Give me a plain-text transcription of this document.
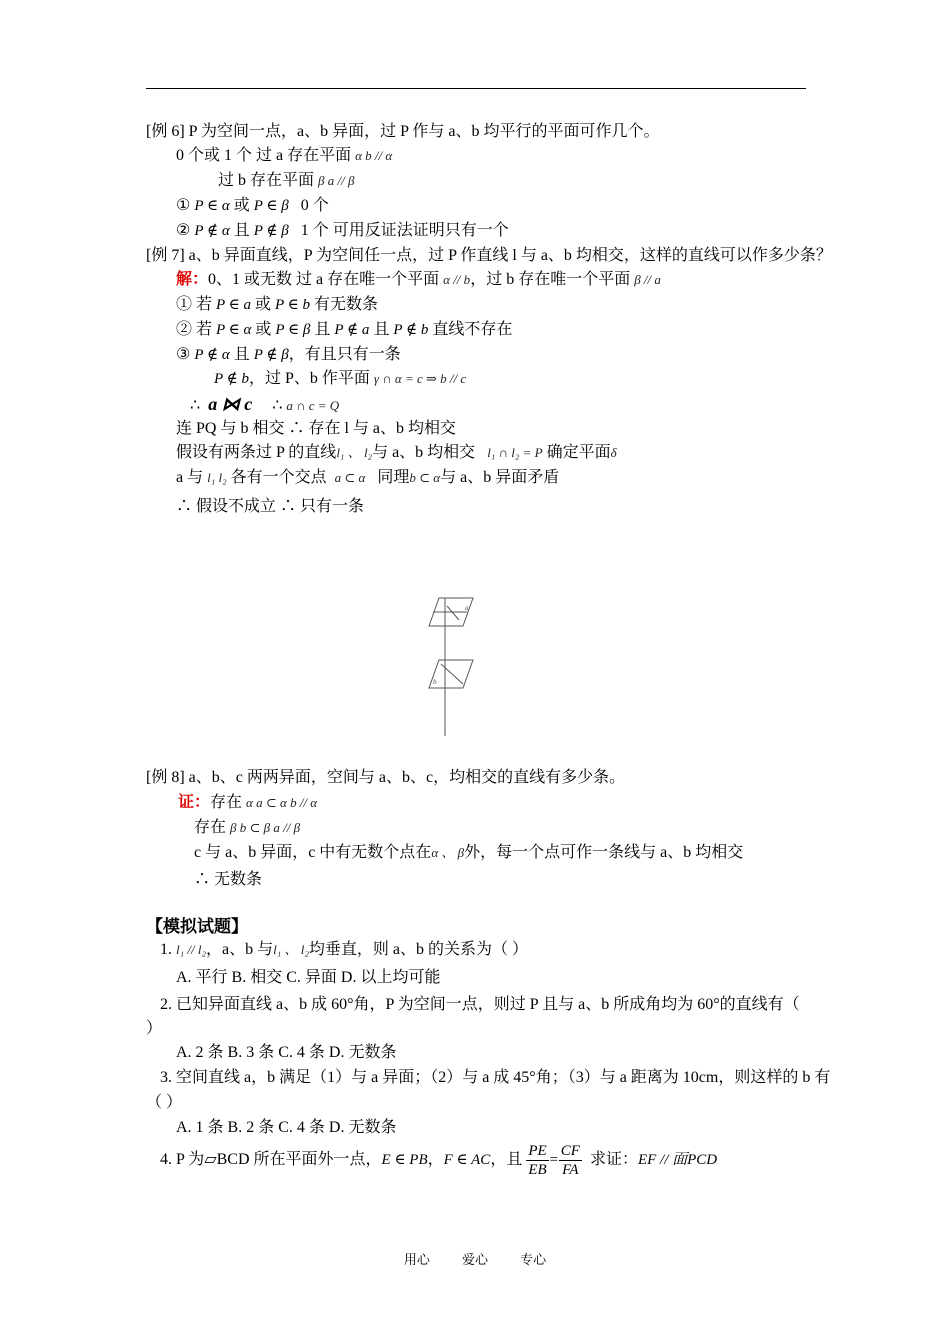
[例 6] P 为空间一点，a、b 异面，过 P 作与 a、b 均平行的平面可作几个。
0 个或 1 个 过 a 存在平面 α b // α
过 b 存在平面 β a // β
① P ∈ α 或 P ∈ β 0 个
② P ∉ α 且 P ∉ β 1 个 可用反证法证明只有一个
[例 7] a、b 异面直线，P 为空间任一点，过 P 作直线 l 与 a、b 均相交，这样的直线可以作多少条？
解：0、1 或无数 过 a 存在唯一个平面 α // b，过 b 存在唯一个平面 β // a
① 若 P ∈ a 或 P ∈ b 有无数条
② 若 P ∈ α 或 P ∈ β 且 P ∉ a 且 P ∉ b 直线不存在
③ P ∉ α 且 P ∉ β，有且只有一条
P ∉ b，过 P、b 作平面 γ ∩ α = c ⇒ b // c
∴ a ⋈ c ∴ a ∩ c = Q
连 PQ 与 b 相交 ∴ 存在 l 与 a、b 均相交
假设有两条过 P 的直线l₁ 、 l₂与 a、b 均相交 l₁ ∩ l₂ = P 确定平面δ
a 与 l₁ l₂ 各有一个交点 a ⊂ α 同理b ⊂ α与 a、b 异面矛盾
∴ 假设不成立 ∴ 只有一条
a
b
l
[例 8] a、b、c 两两异面，空间与 a、b、c，均相交的直线有多少条。
证：存在 α a ⊂ α b // α
存在 β b ⊂ β a // β
c 与 a、b 异面，c 中有无数个点在α 、 β外，每一个点可作一条线与 a、b 均相交
∴ 无数条
【模拟试题】
1. l₁ // l₂，a、b 与l₁ 、 l₂均垂直，则 a、b 的关系为（ ）
A. 平行 B. 相交 C. 异面 D. 以上均可能
2. 已知异面直线 a、b 成 60°角，P 为空间一点，则过 P 且与 a、b 所成角均为 60°的直线有（
）
A. 2 条 B. 3 条 C. 4 条 D. 无数条
3. 空间直线 a，b 满足（1）与 a 异面；（2）与 a 成 45°角；（3）与 a 距离为 10cm，则这样的 b 有
（ ）
A. 1 条 B. 2 条 C. 4 条 D. 无数条
4. P 为▱BCD 所在平面外一点，E ∈ PB，F ∈ AC，且 $\frac{PE}{EB} = \frac{CF}{FA}$ 求证：EF // 面PCD
用心 爱心 专心
